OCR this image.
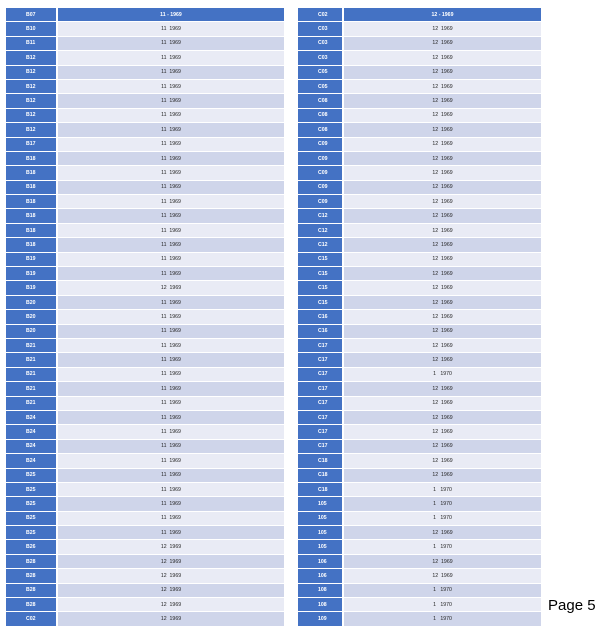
B07	11 - 1969
B10	11  1969
B11	11  1969
B12	11  1969
B12	11  1969
B12	11  1969
B12	11  1969
B12	11  1969
B12	11  1969
B17	11  1969
B18	11  1969
B18	11  1969
B18	11  1969
B18	11  1969
B18	11  1969
B18	11  1969
B18	11  1969
B19	11  1969
B19	11  1969
B19	12  1969
B20	11  1969
B20	11  1969
B20	11  1969
B21	11  1969
B21	11  1969
B21	11  1969
B21	11  1969
B21	11  1969
B24	11  1969
B24	11  1969
B24	11  1969
B24	11  1969
B25	11  1969
B25	11  1969
B25	11  1969
B25	11  1969
B25	11  1969
B26	12  1969
B28	12  1969
B28	12  1969
B28	12  1969
B28	12  1969
C02	12  1969
C02	12 - 1969
C03	12  1969
C03	12  1969
C03	12  1969
C05	12  1969
C05	12  1969
C08	12  1969
C08	12  1969
C08	12  1969
C09	12  1969
C09	12  1969
C09	12  1969
C09	12  1969
C09	12  1969
C12	12  1969
C12	12  1969
C12	12  1969
C15	12  1969
C15	12  1969
C15	12  1969
C15	12  1969
C16	12  1969
C16	12  1969
C17	12  1969
C17	12  1969
C17	1   1970
C17	12  1969
C17	12  1969
C17	12  1969
C17	12  1969
C17	12  1969
C18	12  1969
C18	12  1969
C18	1   1970
105	1   1970
105	1   1970
105	12  1969
105	1   1970
106	12  1969
106	12  1969
108	1   1970
108	1   1970
109	1   1970
Page 5
